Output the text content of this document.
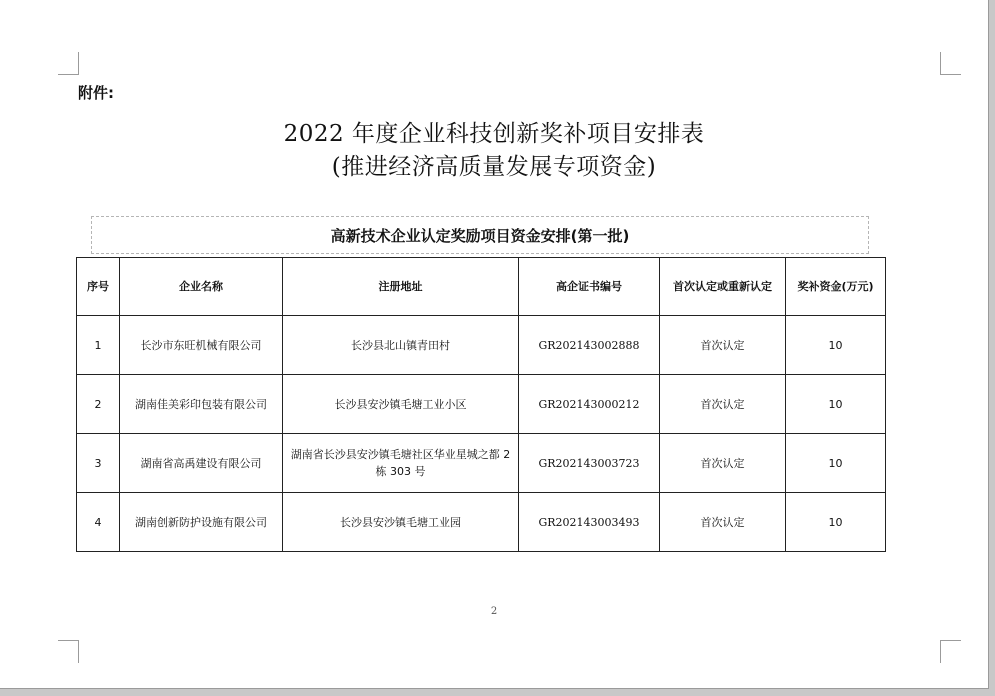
附件:
2022 年度企业科技创新奖补项目安排表
(推进经济高质量发展专项资金)
高新技术企业认定奖励项目资金安排(第一批)
序号	企业名称	注册地址	高企证书编号	首次认定或重新认定	奖补资金(万元)
1	长沙市东旺机械有限公司	长沙县北山镇青田村	GR202143002888	首次认定	10
2	湖南佳美彩印包装有限公司	长沙县安沙镇毛塘工业小区	GR202143000212	首次认定	10
3	湖南省高禹建设有限公司	湖南省长沙县安沙镇毛塘社区华业星城之都 2 栋 303 号	GR202143003723	首次认定	10
4	湖南创新防护设施有限公司	长沙县安沙镇毛塘工业园	GR202143003493	首次认定	10
2
